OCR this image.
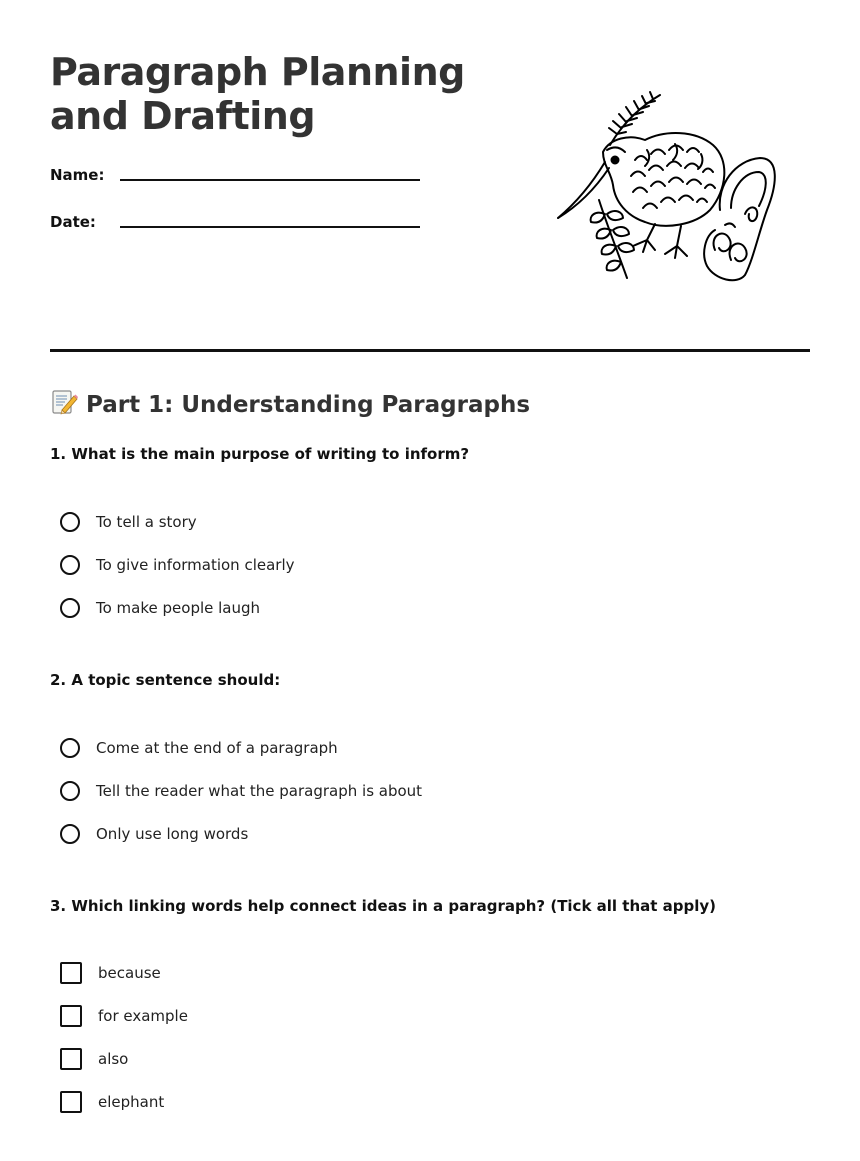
Paragraph Planning and Drafting
Name:
Date:
Part 1: Understanding Paragraphs

1. What is the main purpose of writing to inform?

To tell a story
To give information clearly
To make people laugh

2. A topic sentence should:

Come at the end of a paragraph
Tell the reader what the paragraph is about
Only use long words

3. Which linking words help connect ideas in a paragraph? (Tick all that apply)

because
for example
also
elephant
